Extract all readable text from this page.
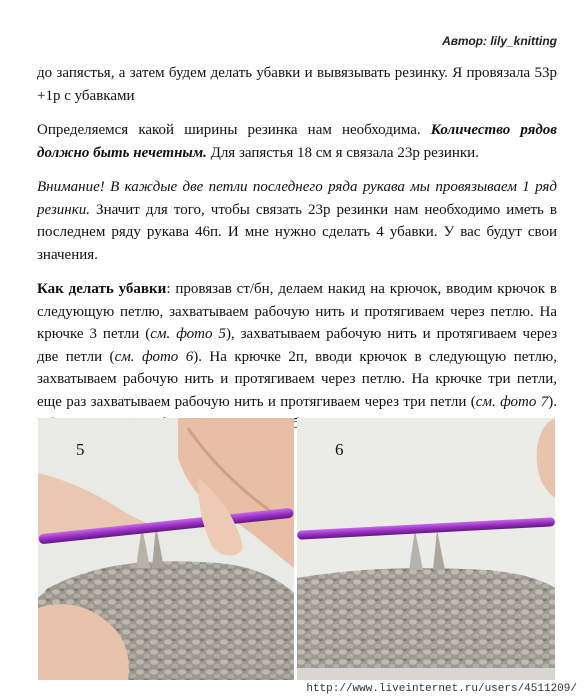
Автор: lily_knitting

до запястья, а затем будем делать убавки и вывязывать резинку. Я провязала 53р +1р с убавками

Определяемся какой ширины резинка нам необходима. Количество рядов должно быть нечетным. Для запястья 18 см я связала 23р резинки.

Внимание! В каждые две петли последнего ряда рукава мы провязываем 1 ряд резинки. Значит для того, чтобы связать 23р резинки нам необходимо иметь в последнем ряду рукава 46п. И мне нужно сделать 4 убавки. У вас будут свои значения.

Как делать убавки: провязав ст/бн, делаем накид на крючок, вводим крючок в следующую петлю, захватываем рабочую нить и протягиваем через петлю. На крючке 3 петли (см. фото 5), захватываем рабочую нить и протягиваем через две петли (см. фото 6). На крючке 2п, вводи крючок в следующую петлю, захватываем рабочую нить и протягиваем через петлю. На крючке три петли, еще раз захватываем рабочую нить и протягиваем через три петли (см. фото 7).

5	6
http://www.liveinternet.ru/users/4511209/
